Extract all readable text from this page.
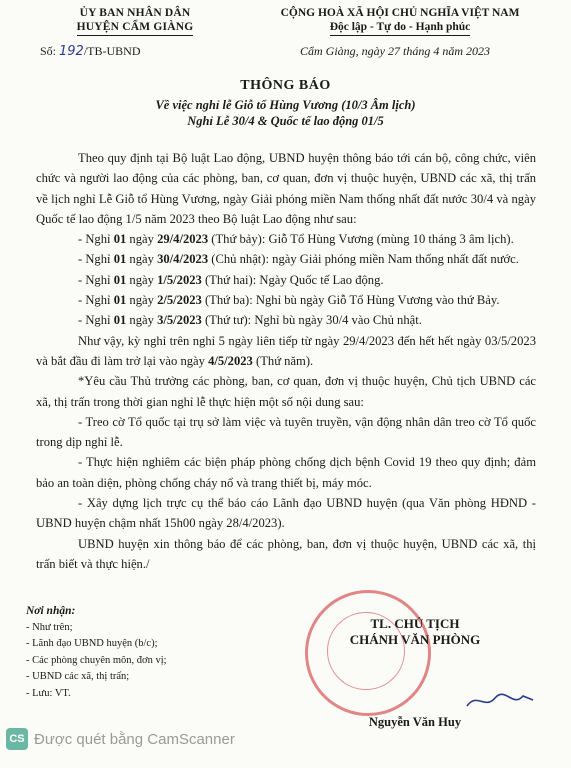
ỦY BAN NHÂN DÂN
HUYỆN CẨM GIÀNG
CỘNG HOÀ XÃ HỘI CHỦ NGHĨA VIỆT NAM
Độc lập - Tự do - Hạnh phúc
Số: 192/TB-UBND	Cẩm Giàng, ngày 27 tháng 4 năm 2023
THÔNG BÁO
Về việc nghỉ lễ Giỗ tổ Hùng Vương (10/3 Âm lịch)
Nghỉ Lễ 30/4 & Quốc tế lao động 01/5

Theo quy định tại Bộ luật Lao động, UBND huyện thông báo tới cán bộ, công chức, viên chức và người lao động của các phòng, ban, cơ quan, đơn vị thuộc huyện, UBND các xã, thị trấn về lịch nghỉ Lễ Giỗ tổ Hùng Vương, ngày Giải phóng miền Nam thống nhất đất nước 30/4 và ngày Quốc tế lao động 1/5 năm 2023 theo Bộ luật Lao động như sau:

- Nghỉ 01 ngày 29/4/2023 (Thứ bảy): Giỗ Tổ Hùng Vương (mùng 10 tháng 3 âm lịch).

- Nghỉ 01 ngày 30/4/2023 (Chủ nhật): ngày Giải phóng miền Nam thống nhất đất nước.

- Nghỉ 01 ngày 1/5/2023 (Thứ hai): Ngày Quốc tế Lao động.

- Nghỉ 01 ngày 2/5/2023 (Thứ ba): Nghỉ bù ngày Giỗ Tổ Hùng Vương vào thứ Bảy.

- Nghỉ 01 ngày 3/5/2023 (Thứ tư): Nghỉ bù ngày 30/4 vào Chủ nhật.

Như vậy, kỳ nghỉ trên nghỉ 5 ngày liên tiếp từ ngày 29/4/2023 đến hết hết ngày 03/5/2023 và bắt đầu đi làm trở lại vào ngày 4/5/2023 (Thứ năm).

*Yêu cầu Thủ trưởng các phòng, ban, cơ quan, đơn vị thuộc huyện, Chủ tịch UBND các xã, thị trấn trong thời gian nghỉ lễ thực hiện một số nội dung sau:

- Treo cờ Tổ quốc tại trụ sở làm việc và tuyên truyền, vận động nhân dân treo cờ Tổ quốc trong dịp nghỉ lễ.

- Thực hiện nghiêm các biện pháp phòng chống dịch bệnh Covid 19 theo quy định; đảm bảo an toàn diện, phòng chống cháy nổ và trang thiết bị, máy móc.

- Xây dựng lịch trực cụ thể báo cáo Lãnh đạo UBND huyện (qua Văn phòng HĐND - UBND huyện chậm nhất 15h00 ngày 28/4/2023).

UBND huyện xin thông báo để các phòng, ban, đơn vị thuộc huyện, UBND các xã, thị trấn biết và thực hiện./

Nơi nhận:
- Như trên;
- Lãnh đạo UBND huyện (b/c);
- Các phòng chuyên môn, đơn vị;
- UBND các xã, thị trấn;
- Lưu: VT.
TL. CHỦ TỊCH
CHÁNH VĂN PHÒNG
Nguyễn Văn Huy
CS Được quét bằng CamScanner
